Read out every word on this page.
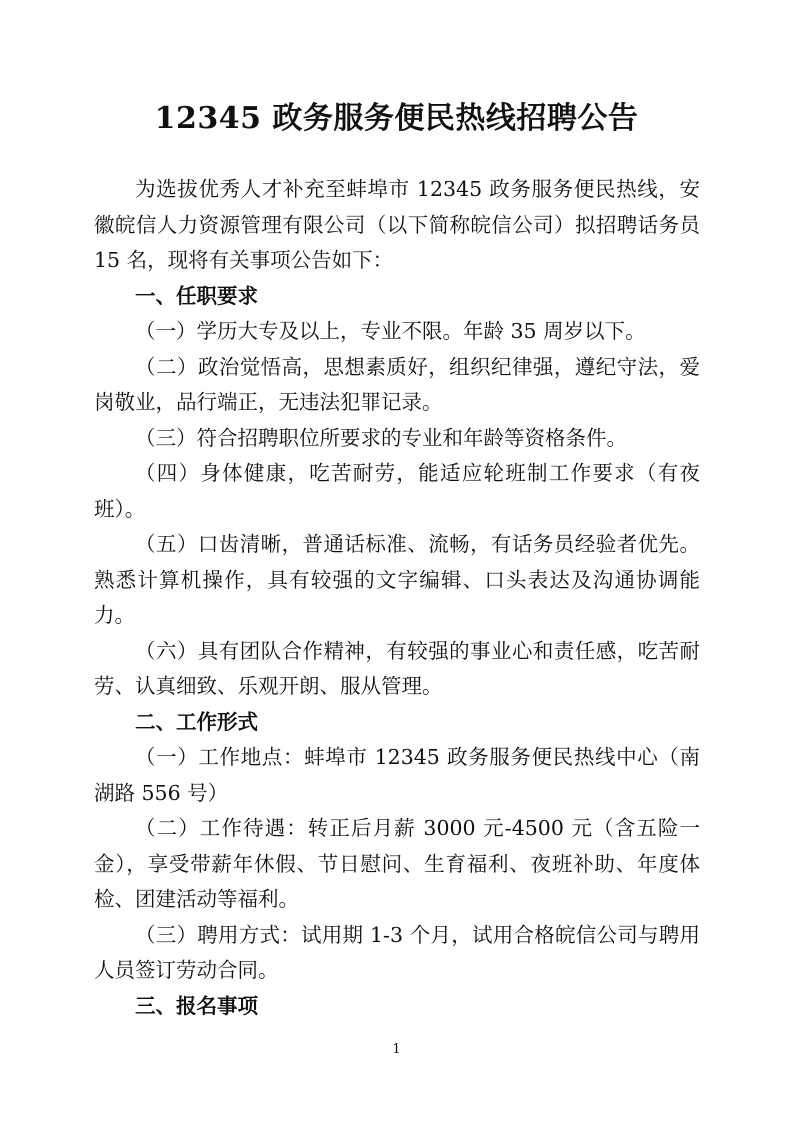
12345 政务服务便民热线招聘公告

为选拔优秀人才补充至蚌埠市 12345 政务服务便民热线，安徽皖信人力资源管理有限公司（以下简称皖信公司）拟招聘话务员 15 名，现将有关事项公告如下：

一、任职要求

（一）学历大专及以上，专业不限。年龄 35 周岁以下。

（二）政治觉悟高，思想素质好，组织纪律强，遵纪守法，爱岗敬业，品行端正，无违法犯罪记录。

（三）符合招聘职位所要求的专业和年龄等资格条件。

（四）身体健康，吃苦耐劳，能适应轮班制工作要求（有夜班）。

（五）口齿清晰，普通话标准、流畅，有话务员经验者优先。熟悉计算机操作，具有较强的文字编辑、口头表达及沟通协调能力。

（六）具有团队合作精神，有较强的事业心和责任感，吃苦耐劳、认真细致、乐观开朗、服从管理。

二、工作形式

（一）工作地点：蚌埠市 12345 政务服务便民热线中心（南湖路 556 号）

（二）工作待遇：转正后月薪 3000 元-4500 元（含五险一金），享受带薪年休假、节日慰问、生育福利、夜班补助、年度体检、团建活动等福利。

（三）聘用方式：试用期 1-3 个月，试用合格皖信公司与聘用人员签订劳动合同。

三、报名事项
1
